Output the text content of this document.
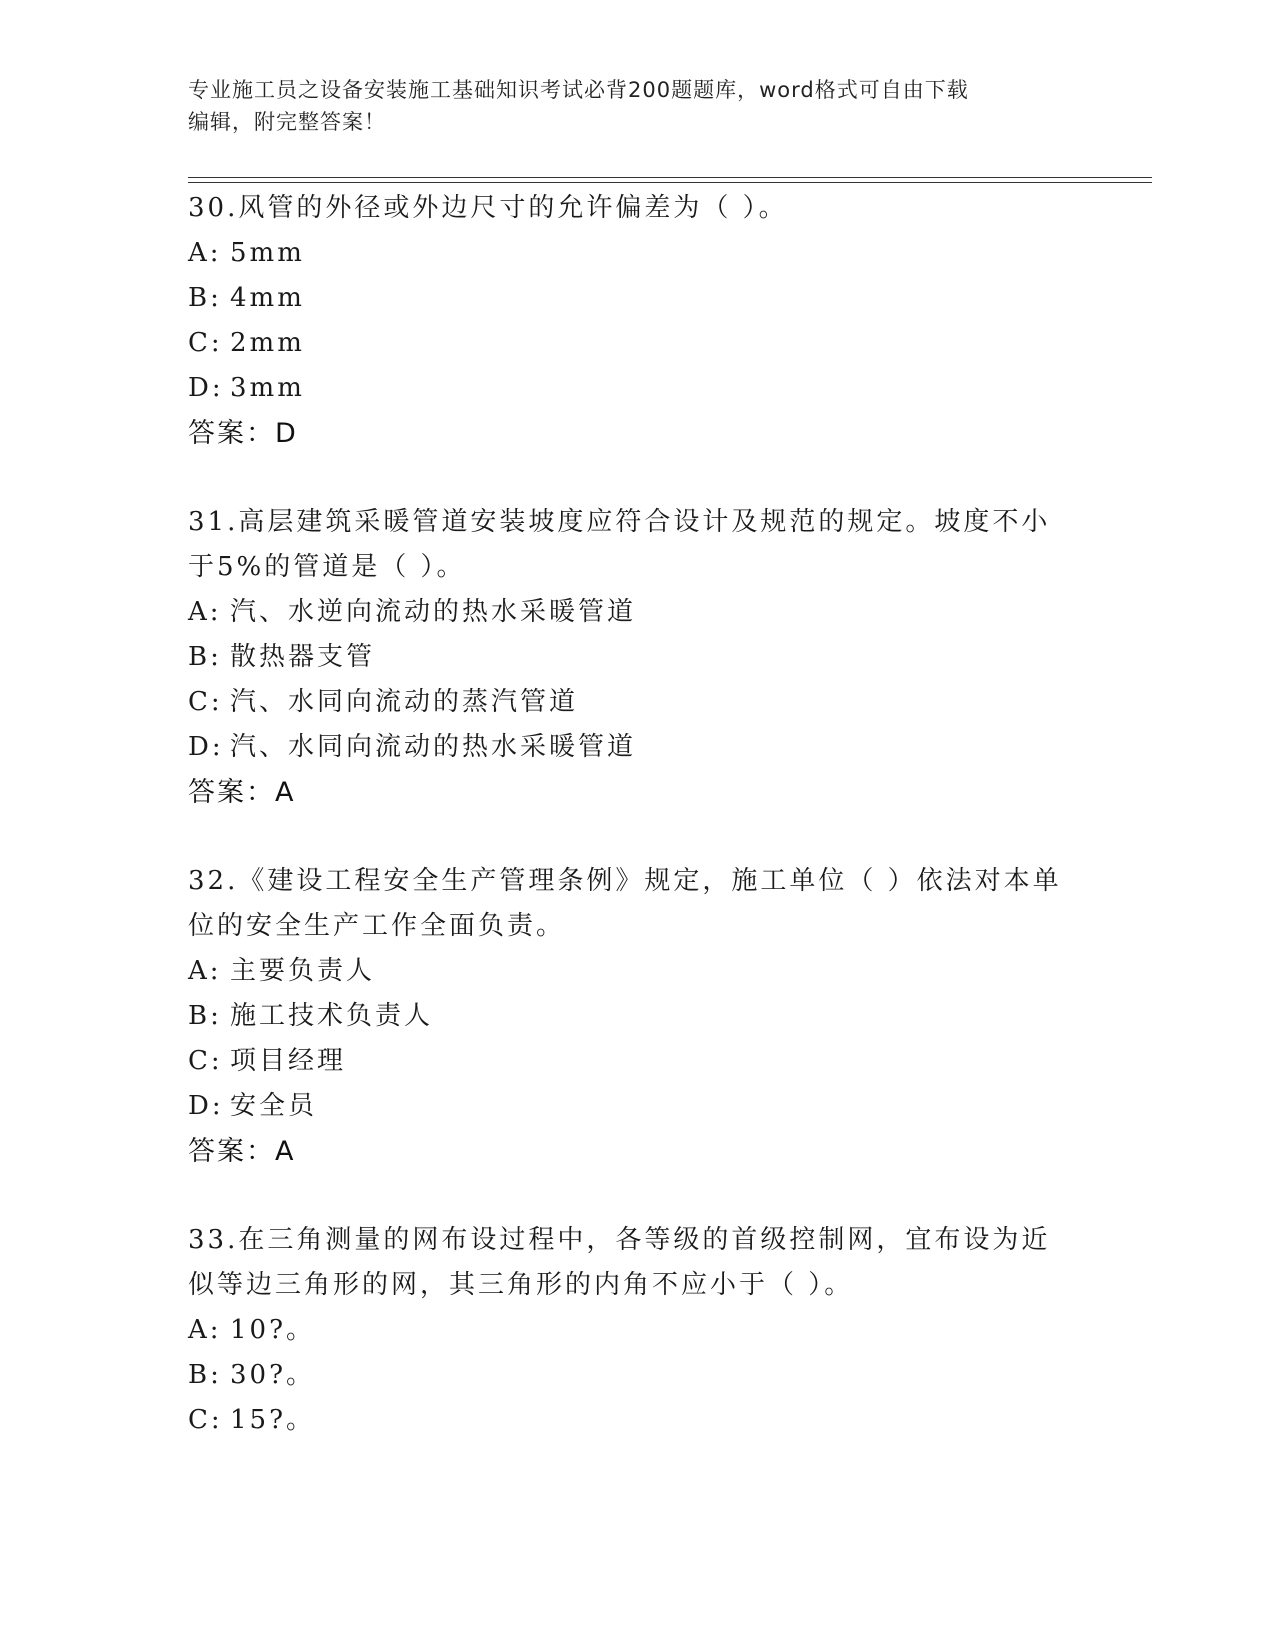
专业施工员之设备安装施工基础知识考试必背200题题库，word格式可自由下载
编辑，附完整答案！
30.风管的外径或外边尺寸的允许偏差为（ ）。
A: 5mm
B: 4mm
C: 2mm
D: 3mm
答案：D
31.高层建筑采暖管道安装坡度应符合设计及规范的规定。坡度不小于5%的管道是（ ）。
A: 汽、水逆向流动的热水采暖管道
B: 散热器支管
C: 汽、水同向流动的蒸汽管道
D: 汽、水同向流动的热水采暖管道
答案：A
32.《建设工程安全生产管理条例》规定，施工单位（ ）依法对本单位的安全生产工作全面负责。
A: 主要负责人
B: 施工技术负责人
C: 项目经理
D: 安全员
答案：A
33.在三角测量的网布设过程中，各等级的首级控制网，宜布设为近似等边三角形的网，其三角形的内角不应小于（ ）。
A: 10?。
B: 30?。
C: 15?。
